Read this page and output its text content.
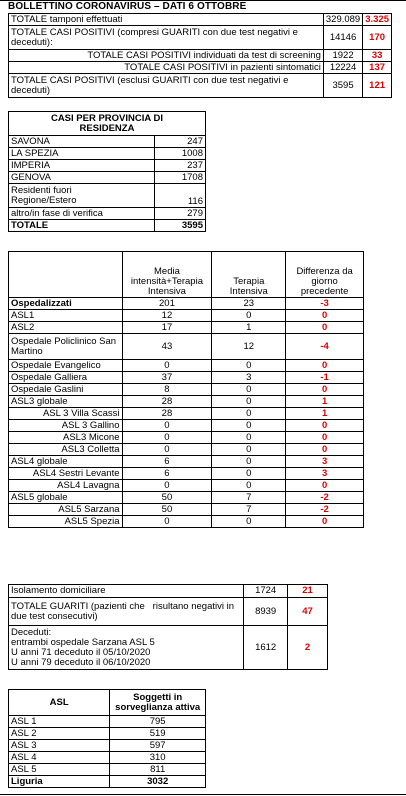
BOLLETTINO CORONAVIRUS – DATI 6 OTTOBRE
TOTALE tamponi effettuati	329.089	3.325
TOTALE CASI POSITIVI (compresi GUARITI con due test negativi e deceduti):	14146	170
TOTALE CASI POSITIVI individuati da test di screening	1922	33
TOTALE CASI POSITIVI in pazienti sintomatici	12224	137
TOTALE CASI POSITIVI (esclusi GUARITI con due test negativi e deceduti)	3595	121
CASI PER PROVINCIA DI RESIDENZA	
SAVONA	247
LA SPEZIA	1008
IMPERIA	237
GENOVA	1708
Residenti fuori Regione/Estero	116
altro/in fase di verifica	279
TOTALE	3595
	Media intensità+Terapia Intensiva	Terapia Intensiva	Differenza da giorno precedente
Ospedalizzati	201	23	-3
ASL1	12	0	0
ASL2	17	1	0
Ospedale Policlinico San Martino	43	12	-4
Ospedale Evangelico	0	0	0
Ospedale Galliera	37	3	-1
Ospedale Gaslini	8	0	0
ASL3 globale	28	0	1
ASL 3 Villa Scassi	28	0	1
ASL 3 Gallino	0	0	0
ASL3 Micone	0	0	0
ASL3 Colletta	0	0	0
ASL4 globale	6	0	3
ASL4 Sestri Levante	6	0	3
ASL4 Lavagna	0	0	0
ASL5 globale	50	7	-2
ASL5 Sarzana	50	7	-2
ASL5 Spezia	0	0	0
Isolamento domiciliare	1724	21
TOTALE GUARITI (pazienti che   risultano negativi in due test consecutivi)	8939	47

Deceduti:
entrambi ospedale Sarzana ASL 5
U anni 71 deceduto il 05/10/2020
U anni 79 deceduto il 06/10/2020	1612	2
ASL	Soggetti in sorveglianza attiva
ASL 1	795
ASL 2	519
ASL 3	597
ASL 4	310
ASL 5	811
Liguria	3032
